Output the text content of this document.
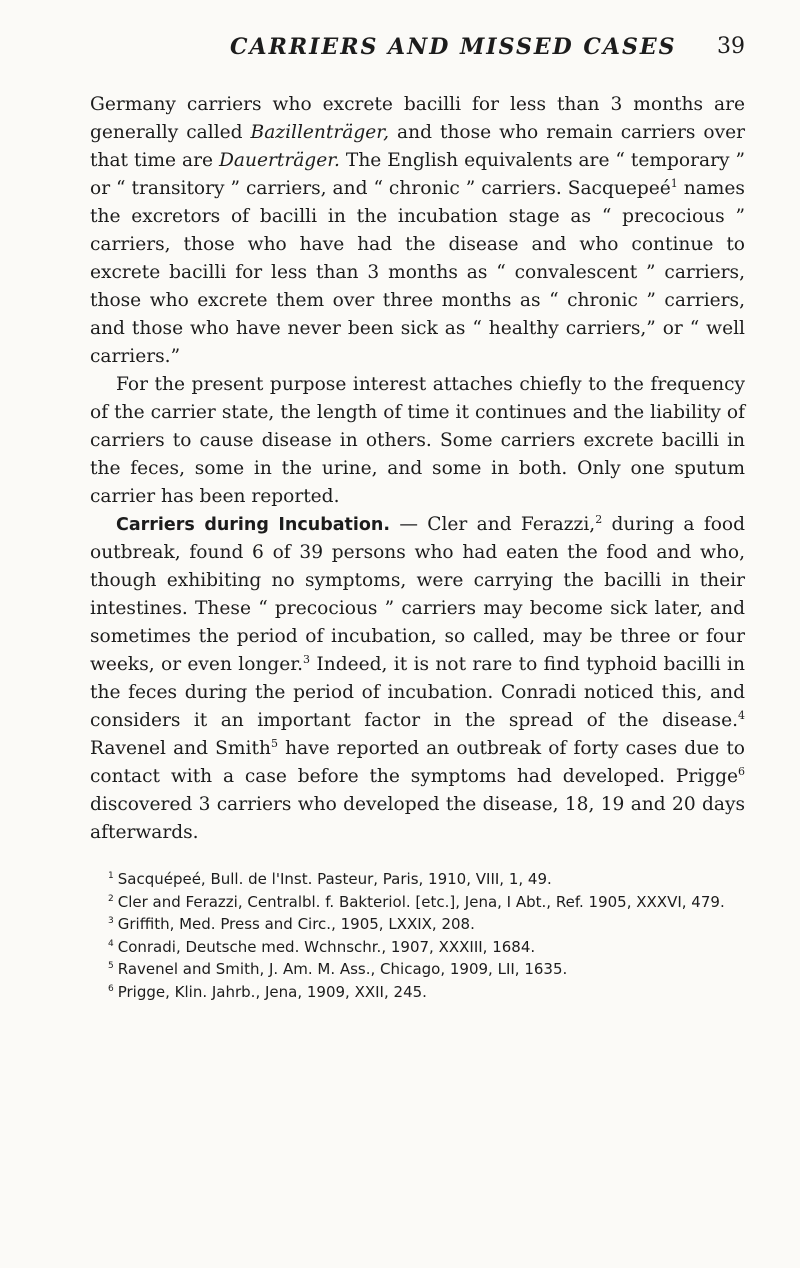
CARRIERS AND MISSED CASES 39

Germany carriers who excrete bacilli for less than 3 months are generally called Bazillenträger, and those who remain carriers over that time are Dauerträger. The English equivalents are “ temporary ” or “ transitory ” carriers, and “ chronic ” carriers. Sacquepeé$^1$ names the excretors of bacilli in the incubation stage as “ precocious ” carriers, those who have had the disease and who continue to excrete bacilli for less than 3 months as “ convalescent ” carriers, those who excrete them over three months as “ chronic ” carriers, and those who have never been sick as “ healthy carriers,” or “ well carriers.”

For the present purpose interest attaches chiefly to the frequency of the carrier state, the length of time it continues and the liability of carriers to cause disease in others. Some carriers excrete bacilli in the feces, some in the urine, and some in both. Only one sputum carrier has been reported.

Carriers during Incubation. — Cler and Ferazzi,$^2$ during a food outbreak, found 6 of 39 persons who had eaten the food and who, though exhibiting no symptoms, were carrying the bacilli in their intestines. These “ precocious ” carriers may become sick later, and sometimes the period of incubation, so called, may be three or four weeks, or even longer.$^3$ Indeed, it is not rare to find typhoid bacilli in the feces during the period of incubation. Conradi noticed this, and considers it an important factor in the spread of the disease.$^4$ Ravenel and Smith$^5$ have reported an outbreak of forty cases due to contact with a case before the symptoms had developed. Prigge$^6$ discovered 3 carriers who developed the disease, 18, 19 and 20 days afterwards.

$^1$ Sacquépeé, Bull. de l'Inst. Pasteur, Paris, 1910, VIII, 1, 49.

$^2$ Cler and Ferazzi, Centralbl. f. Bakteriol. [etc.], Jena, I Abt., Ref. 1905, XXXVI, 479.

$^3$ Griffith, Med. Press and Circ., 1905, LXXIX, 208.

$^4$ Conradi, Deutsche med. Wchnschr., 1907, XXXIII, 1684.

$^5$ Ravenel and Smith, J. Am. M. Ass., Chicago, 1909, LII, 1635.

$^6$ Prigge, Klin. Jahrb., Jena, 1909, XXII, 245.
